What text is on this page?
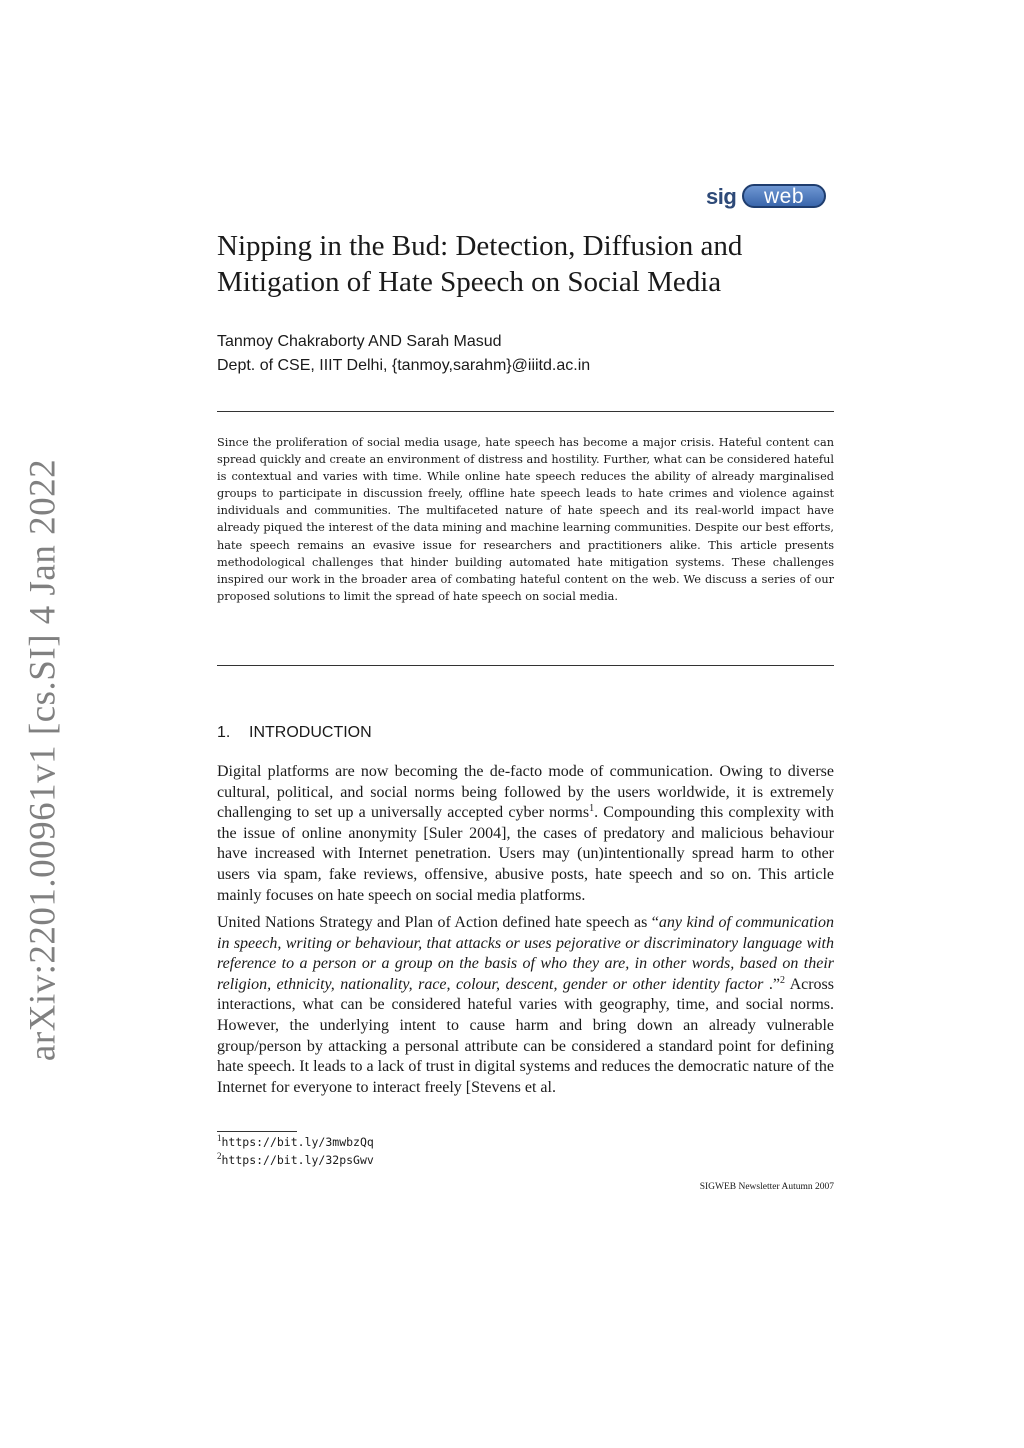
arXiv:2201.00961v1 [cs.SI] 4 Jan 2022
sig	web
Nipping in the Bud: Detection, Diffusion and Mitigation of Hate Speech on Social Media
Tanmoy Chakraborty AND Sarah Masud
Dept. of CSE, IIIT Delhi, {tanmoy,sarahm}@iiitd.ac.in

Since the proliferation of social media usage, hate speech has become a major crisis. Hateful content can spread quickly and create an environment of distress and hostility. Further, what can be considered hateful is contextual and varies with time. While online hate speech reduces the ability of already marginalised groups to participate in discussion freely, offline hate speech leads to hate crimes and violence against individuals and communities. The multifaceted nature of hate speech and its real-world impact have already piqued the interest of the data mining and machine learning communities. Despite our best efforts, hate speech remains an evasive issue for researchers and practitioners alike. This article presents methodological challenges that hinder building automated hate mitigation systems. These challenges inspired our work in the broader area of combating hateful content on the web. We discuss a series of our proposed solutions to limit the spread of hate speech on social media.

1. INTRODUCTION

Digital platforms are now becoming the de-facto mode of communication. Owing to diverse cultural, political, and social norms being followed by the users worldwide, it is extremely challenging to set up a universally accepted cyber norms$^1$. Compounding this complexity with the issue of online anonymity [Suler 2004], the cases of predatory and malicious behaviour have increased with Internet penetration. Users may (un)intentionally spread harm to other users via spam, fake reviews, offensive, abusive posts, hate speech and so on. This article mainly focuses on hate speech on social media platforms.

United Nations Strategy and Plan of Action defined hate speech as “any kind of communication in speech, writing or behaviour, that attacks or uses pejorative or discriminatory language with reference to a person or a group on the basis of who they are, in other words, based on their religion, ethnicity, nationality, race, colour, descent, gender or other identity factor .”$^2$ Across interactions, what can be considered hateful varies with geography, time, and social norms. However, the underlying intent to cause harm and bring down an already vulnerable group/person by attacking a personal attribute can be considered a standard point for defining hate speech. It leads to a lack of trust in digital systems and reduces the democratic nature of the Internet for everyone to interact freely [Stevens et al.

$^1$https://bit.ly/3mwbzQq
$^2$https://bit.ly/32psGwv
SIGWEB Newsletter Autumn 2007
